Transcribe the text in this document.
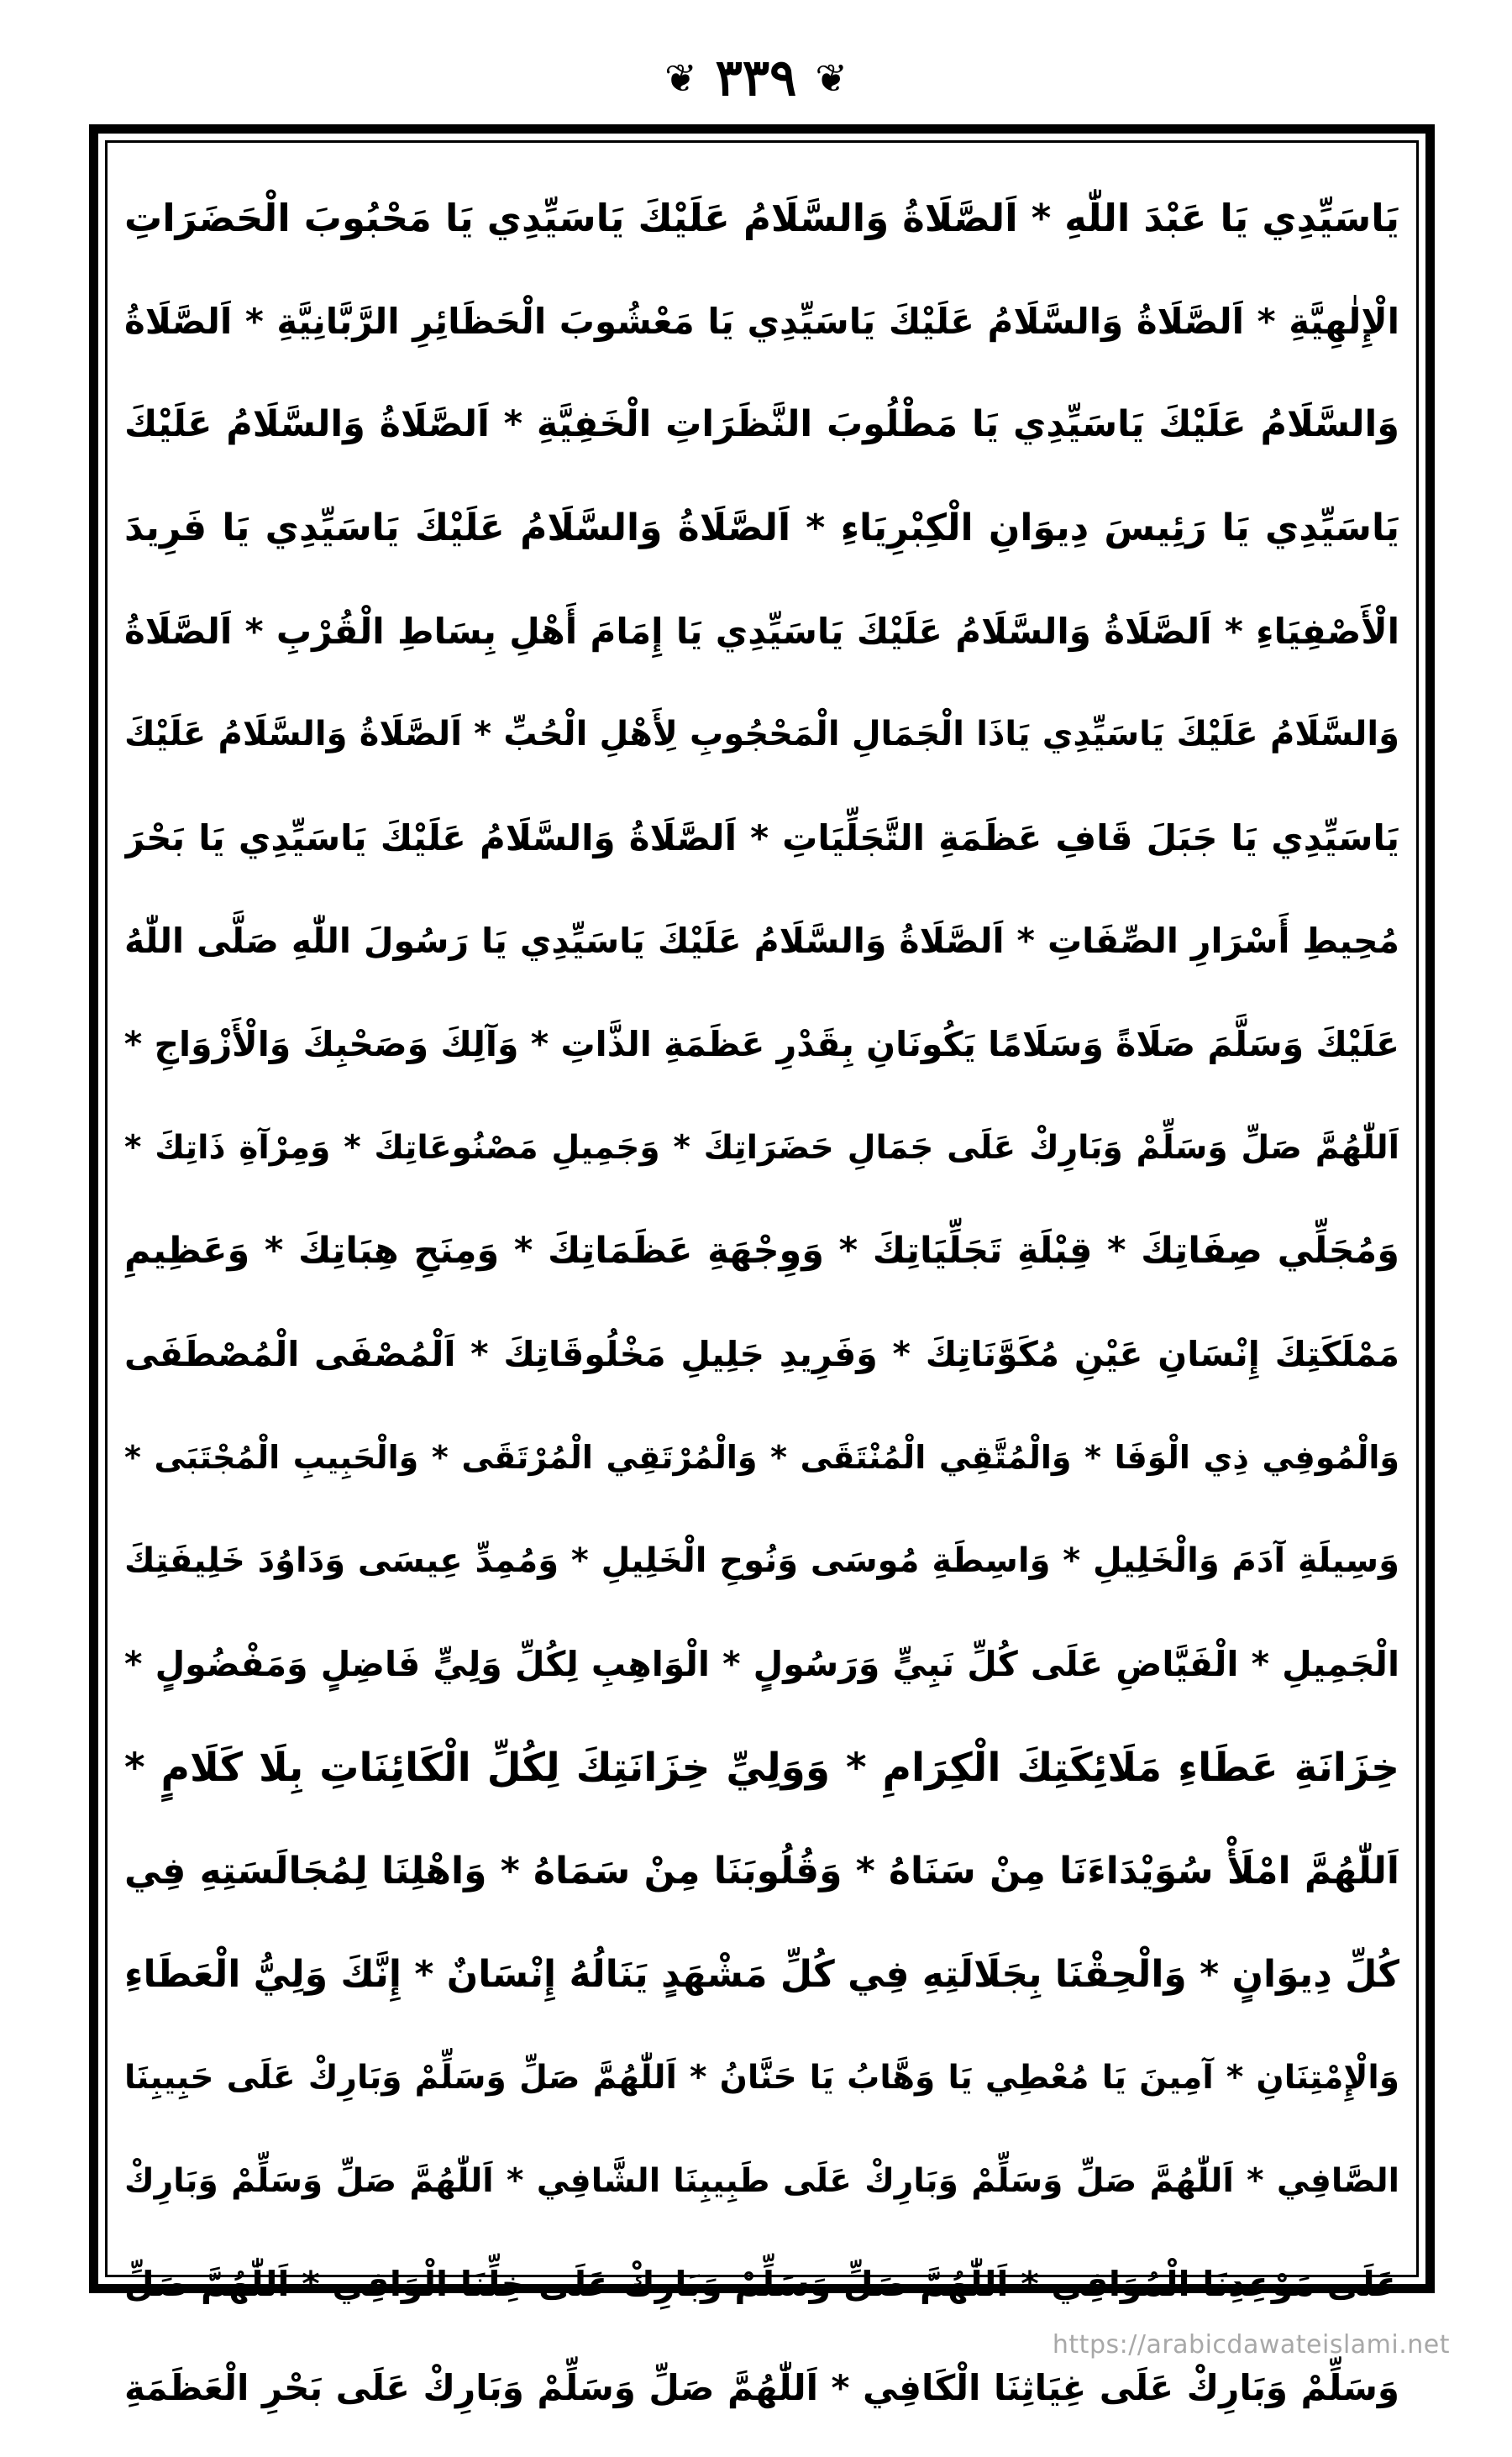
❦ ٣٣٩ ❦
يَاسَيِّدِي يَا عَبْدَ اللّٰهِ * اَلصَّلَاةُ وَالسَّلَامُ عَلَيْكَ يَاسَيِّدِي يَا مَحْبُوبَ الْحَضَرَاتِ
الْإِلٰهِيَّةِ * اَلصَّلَاةُ وَالسَّلَامُ عَلَيْكَ يَاسَيِّدِي يَا مَعْشُوبَ الْحَظَائِرِ الرَّبَّانِيَّةِ * اَلصَّلَاةُ
وَالسَّلَامُ عَلَيْكَ يَاسَيِّدِي يَا مَطْلُوبَ النَّظَرَاتِ الْخَفِيَّةِ * اَلصَّلَاةُ وَالسَّلَامُ عَلَيْكَ
يَاسَيِّدِي يَا رَئِيسَ دِيوَانِ الْكِبْرِيَاءِ * اَلصَّلَاةُ وَالسَّلَامُ عَلَيْكَ يَاسَيِّدِي يَا فَرِيدَ
الْأَصْفِيَاءِ * اَلصَّلَاةُ وَالسَّلَامُ عَلَيْكَ يَاسَيِّدِي يَا إِمَامَ أَهْلِ بِسَاطِ الْقُرْبِ * اَلصَّلَاةُ
وَالسَّلَامُ عَلَيْكَ يَاسَيِّدِي يَاذَا الْجَمَالِ الْمَحْجُوبِ لِأَهْلِ الْحُبِّ * اَلصَّلَاةُ وَالسَّلَامُ عَلَيْكَ
يَاسَيِّدِي يَا جَبَلَ قَافِ عَظَمَةِ التَّجَلِّيَاتِ * اَلصَّلَاةُ وَالسَّلَامُ عَلَيْكَ يَاسَيِّدِي يَا بَحْرَ
مُحِيطِ أَسْرَارِ الصِّفَاتِ * اَلصَّلَاةُ وَالسَّلَامُ عَلَيْكَ يَاسَيِّدِي يَا رَسُولَ اللّٰهِ صَلَّى اللّٰهُ
عَلَيْكَ وَسَلَّمَ صَلَاةً وَسَلَامًا يَكُونَانِ بِقَدْرِ عَظَمَةِ الذَّاتِ * وَآلِكَ وَصَحْبِكَ وَالْأَزْوَاجِ *
اَللّٰهُمَّ صَلِّ وَسَلِّمْ وَبَارِكْ عَلَى جَمَالِ حَضَرَاتِكَ * وَجَمِيلِ مَصْنُوعَاتِكَ * وَمِرْآةِ ذَاتِكَ *
وَمُجَلِّي صِفَاتِكَ * قِبْلَةِ تَجَلِّيَاتِكَ * وَوِجْهَةِ عَظَمَاتِكَ * وَمِنَحِ هِبَاتِكَ * وَعَظِيمِ
مَمْلَكَتِكَ إِنْسَانِ عَيْنِ مُكَوَّنَاتِكَ * وَفَرِيدِ جَلِيلِ مَخْلُوقَاتِكَ * اَلْمُصْفَى الْمُصْطَفَى
وَالْمُوفِي ذِي الْوَفَا * وَالْمُتَّقِي الْمُنْتَقَى * وَالْمُرْتَقِي الْمُرْتَقَى * وَالْحَبِيبِ الْمُجْتَبَى *
وَسِيلَةِ آدَمَ وَالْخَلِيلِ * وَاسِطَةِ مُوسَى وَنُوحِ الْخَلِيلِ * وَمُمِدِّ عِيسَى وَدَاوُدَ خَلِيفَتِكَ
الْجَمِيلِ * الْفَيَّاضِ عَلَى كُلِّ نَبِيٍّ وَرَسُولٍ * الْوَاهِبِ لِكُلِّ وَلِيٍّ فَاضِلٍ وَمَفْضُولٍ *
خِزَانَةِ عَطَاءِ مَلَائِكَتِكَ الْكِرَامِ * وَوَلِيِّ خِزَانَتِكَ لِكُلِّ الْكَائِنَاتِ بِلَا كَلَامٍ *
اَللّٰهُمَّ امْلَأْ سُوَيْدَاءَنَا مِنْ سَنَاهُ * وَقُلُوبَنَا مِنْ سَمَاهُ * وَاهْلِنَا لِمُجَالَسَتِهِ فِي
كُلِّ دِيوَانٍ * وَالْحِقْنَا بِجَلَالَتِهِ فِي كُلِّ مَشْهَدٍ يَنَالُهُ إِنْسَانٌ * إِنَّكَ وَلِيُّ الْعَطَاءِ
وَالْإِمْتِنَانِ * آمِينَ يَا مُعْطِي يَا وَهَّابُ يَا حَنَّانُ * اَللّٰهُمَّ صَلِّ وَسَلِّمْ وَبَارِكْ عَلَى حَبِيبِنَا
الصَّافِي * اَللّٰهُمَّ صَلِّ وَسَلِّمْ وَبَارِكْ عَلَى طَبِيبِنَا الشَّافِي * اَللّٰهُمَّ صَلِّ وَسَلِّمْ وَبَارِكْ
عَلَى مَوْعِدِنَا الْمُوَافِي * اَللّٰهُمَّ صَلِّ وَسَلِّمْ وَبَارِكْ عَلَى خِلِّنَا الْوَافِي * اَللّٰهُمَّ صَلِّ
وَسَلِّمْ وَبَارِكْ عَلَى غِيَاثِنَا الْكَافِي * اَللّٰهُمَّ صَلِّ وَسَلِّمْ وَبَارِكْ عَلَى بَحْرِ الْعَظَمَةِ
https://arabicdawateislami.net
